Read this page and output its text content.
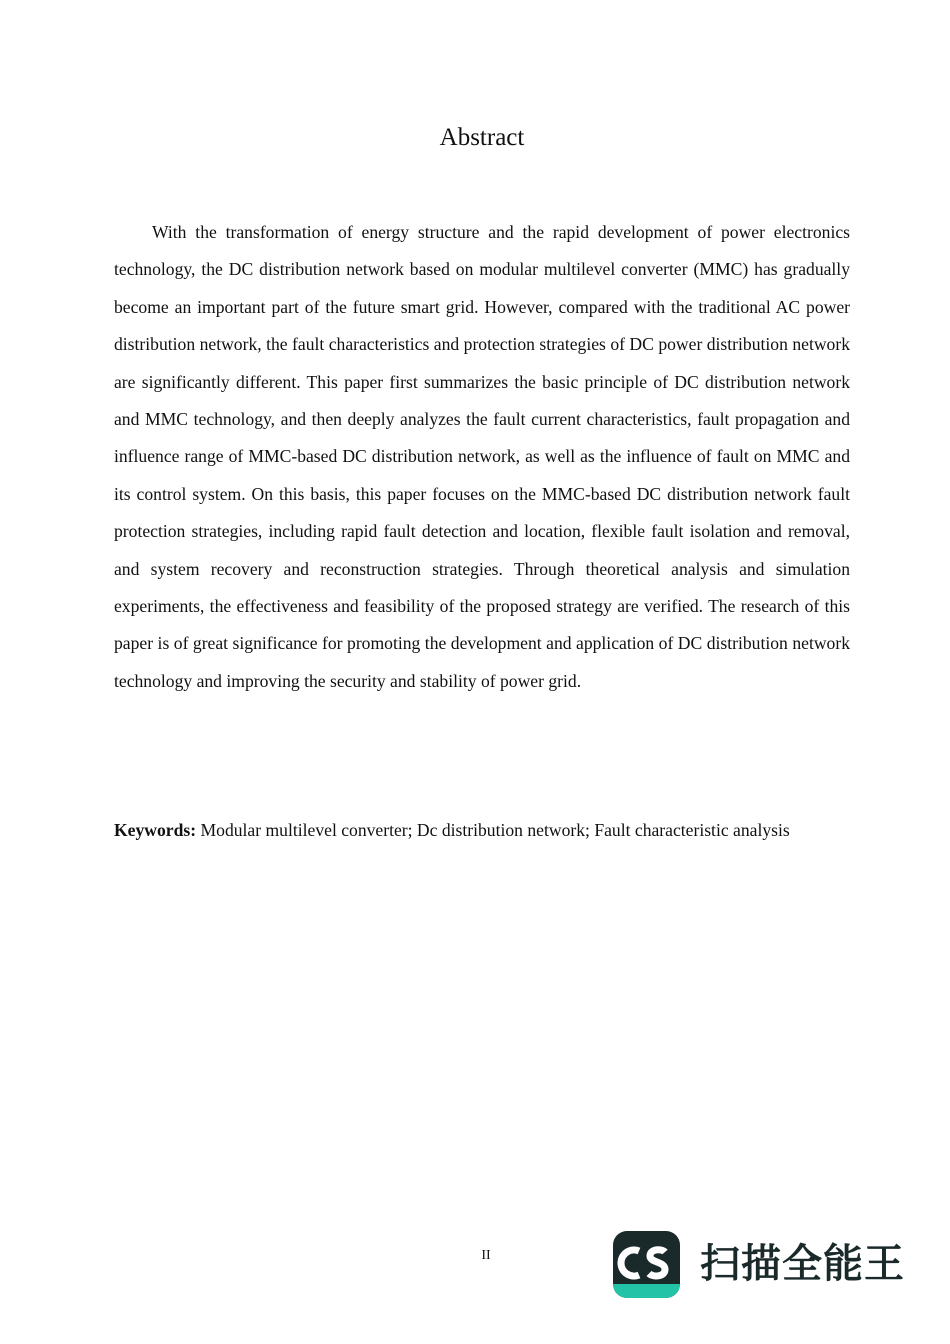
Abstract

With the transformation of energy structure and the rapid development of power electronics technology, the DC distribution network based on modular multilevel converter (MMC) has gradually become an important part of the future smart grid. However, compared with the traditional AC power distribution network, the fault characteristics and protection strategies of DC power distribution network are significantly different. This paper first summarizes the basic principle of DC distribution network and MMC technology, and then deeply analyzes the fault current characteristics, fault propagation and influence range of MMC-based DC distribution network, as well as the influence of fault on MMC and its control system. On this basis, this paper focuses on the MMC-based DC distribution network fault protection strategies, including rapid fault detection and location, flexible fault isolation and removal, and system recovery and reconstruction strategies. Through theoretical analysis and simulation experiments, the effectiveness and feasibility of the proposed strategy are verified. The research of this paper is of great significance for promoting the development and application of DC distribution network technology and improving the security and stability of power grid.

Keywords: Modular multilevel converter; Dc distribution network; Fault characteristic analysis
II	扫描全能王
